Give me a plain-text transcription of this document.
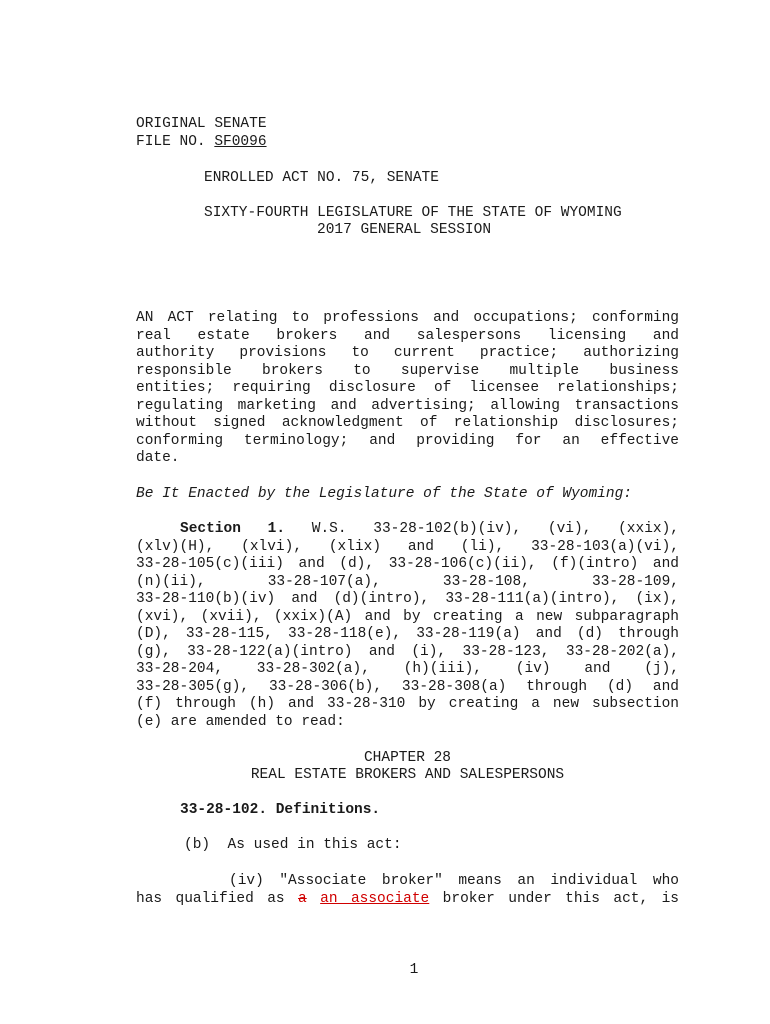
ORIGINAL SENATE
FILE NO. SF0096
ENROLLED ACT NO. 75, SENATE
SIXTY-FOURTH LEGISLATURE OF THE STATE OF WYOMING
2017 GENERAL SESSION
AN ACT relating to professions and occupations; conforming
real estate brokers and salespersons licensing and
authority provisions to current practice; authorizing
responsible brokers to supervise multiple business
entities; requiring disclosure of licensee relationships;
regulating marketing and advertising; allowing transactions
without signed acknowledgment of relationship disclosures;
conforming terminology; and providing for an effective
date.
Be It Enacted by the Legislature of the State of Wyoming:
Section 1. W.S. 33-28-102(b)(iv), (vi), (xxix),
(xlv)(H), (xlvi), (xlix) and (li), 33-28-103(a)(vi),
33-28-105(c)(iii) and (d), 33-28-106(c)(ii), (f)(intro) and
(n)(ii), 33-28-107(a), 33-28-108, 33-28-109,
33-28-110(b)(iv) and (d)(intro), 33-28-111(a)(intro), (ix),
(xvi), (xvii), (xxix)(A) and by creating a new subparagraph
(D), 33-28-115, 33-28-118(e), 33-28-119(a) and (d) through
(g), 33-28-122(a)(intro) and (i), 33-28-123, 33-28-202(a),
33-28-204, 33-28-302(a), (h)(iii), (iv) and (j),
33-28-305(g), 33-28-306(b), 33-28-308(a) through (d) and
(f) through (h) and 33-28-310 by creating a new subsection
(e) are amended to read:
CHAPTER 28
REAL ESTATE BROKERS AND SALESPERSONS
33-28-102. Definitions.
(b)  As used in this act:
(iv) "Associate broker" means an individual who
has qualified as a an associate broker under this act, is
1
